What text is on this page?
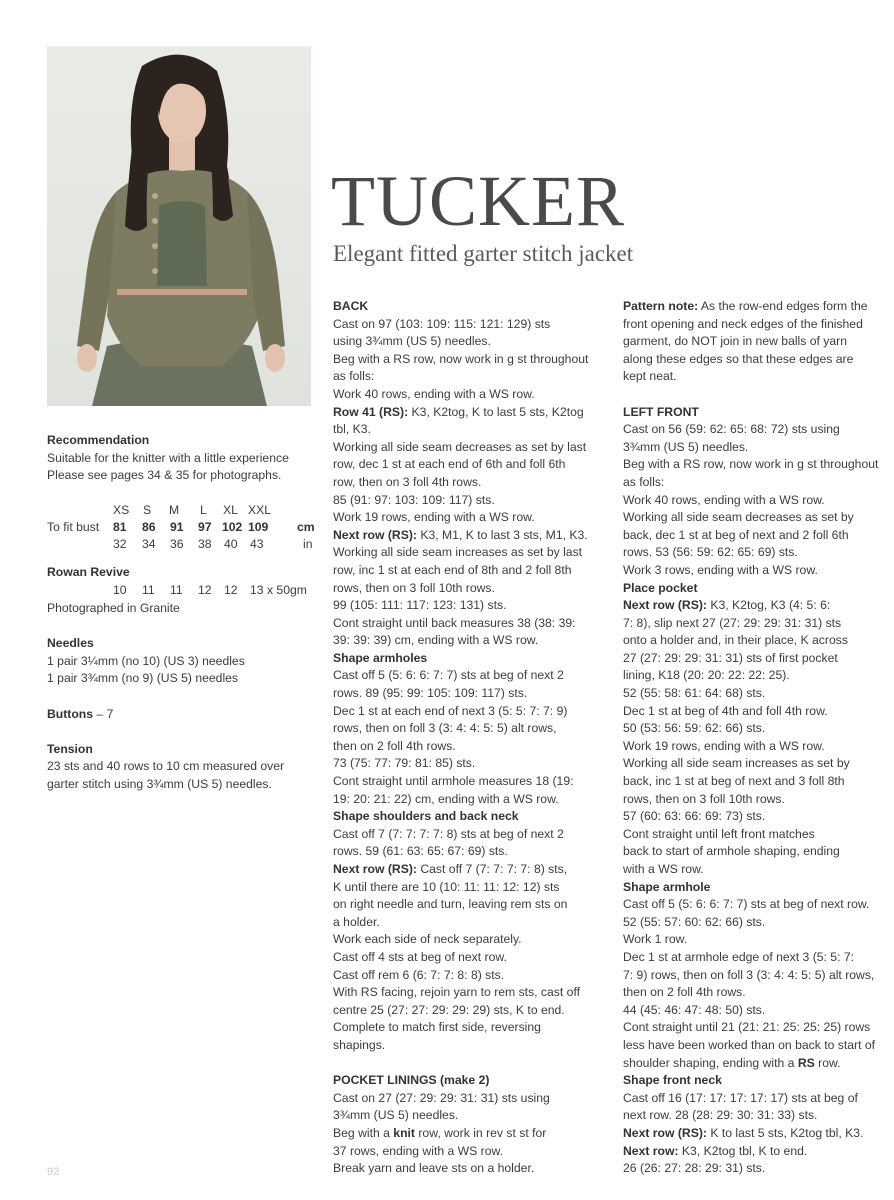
TUCKER

Elegant fitted garter stitch jacket

Recommendation

Suitable for the knitter with a little experience

Please see pages 34 & 35 for photographs.

XS S M L XL XXL
To fit bust 81 86 91 97 102 109 cm
32 34 36 38 40 43	in

Rowan Revive

10 11 11 12 12 13 x 50gm

Photographed in Granite

Needles

1 pair 3¼mm (no 10) (US 3) needles

1 pair 3¾mm (no 9) (US 5) needles

Buttons – 7

Tension

23 sts and 40 rows to 10 cm measured over

garter stitch using 3¾mm (US 5) needles.

BACK

Cast on 97 (103: 109: 115: 121: 129) sts

using 3¾mm (US 5) needles.

Beg with a RS row, now work in g st throughout

as folls:

Work 40 rows, ending with a WS row.

Row 41 (RS): K3, K2tog, K to last 5 sts, K2tog

tbl, K3.

Working all side seam decreases as set by last

row, dec 1 st at each end of 6th and foll 6th

row, then on 3 foll 4th rows.

85 (91: 97: 103: 109: 117) sts.

Work 19 rows, ending with a WS row.

Next row (RS): K3, M1, K to last 3 sts, M1, K3.

Working all side seam increases as set by last

row, inc 1 st at each end of 8th and 2 foll 8th

rows, then on 3 foll 10th rows.

99 (105: 111: 117: 123: 131) sts.

Cont straight until back measures 38 (38: 39:

39: 39: 39) cm, ending with a WS row.

Shape armholes

Cast off 5 (5: 6: 6: 7: 7) sts at beg of next 2

rows. 89 (95: 99: 105: 109: 117) sts.

Dec 1 st at each end of next 3 (5: 5: 7: 7: 9)

rows, then on foll 3 (3: 4: 4: 5: 5) alt rows,

then on 2 foll 4th rows.

73 (75: 77: 79: 81: 85) sts.

Cont straight until armhole measures 18 (19:

19: 20: 21: 22) cm, ending with a WS row.

Shape shoulders and back neck

Cast off 7 (7: 7: 7: 7: 8) sts at beg of next 2

rows. 59 (61: 63: 65: 67: 69) sts.

Next row (RS): Cast off 7 (7: 7: 7: 7: 8) sts,

K until there are 10 (10: 11: 11: 12: 12) sts

on right needle and turn, leaving rem sts on

a holder.

Work each side of neck separately.

Cast off 4 sts at beg of next row.

Cast off rem 6 (6: 7: 7: 8: 8) sts.

With RS facing, rejoin yarn to rem sts, cast off

centre 25 (27: 27: 29: 29: 29) sts, K to end.

Complete to match first side, reversing

shapings.

POCKET LININGS (make 2)

Cast on 27 (27: 29: 29: 31: 31) sts using

3¾mm (US 5) needles.

Beg with a knit row, work in rev st st for

37 rows, ending with a WS row.

Break yarn and leave sts on a holder.

Pattern note: As the row-end edges form the

front opening and neck edges of the finished

garment, do NOT join in new balls of yarn

along these edges so that these edges are

kept neat.

LEFT FRONT

Cast on 56 (59: 62: 65: 68: 72) sts using

3¾mm (US 5) needles.

Beg with a RS row, now work in g st throughout

as folls:

Work 40 rows, ending with a WS row.

Working all side seam decreases as set by

back, dec 1 st at beg of next and 2 foll 6th

rows. 53 (56: 59: 62: 65: 69) sts.

Work 3 rows, ending with a WS row.

Place pocket

Next row (RS): K3, K2tog, K3 (4: 5: 6:

7: 8), slip next 27 (27: 29: 29: 31: 31) sts

onto a holder and, in their place, K across

27 (27: 29: 29: 31: 31) sts of first pocket

lining, K18 (20: 20: 22: 22: 25).

52 (55: 58: 61: 64: 68) sts.

Dec 1 st at beg of 4th and foll 4th row.

50 (53: 56: 59: 62: 66) sts.

Work 19 rows, ending with a WS row.

Working all side seam increases as set by

back, inc 1 st at beg of next and 3 foll 8th

rows, then on 3 foll 10th rows.

57 (60: 63: 66: 69: 73) sts.

Cont straight until left front matches

back to start of armhole shaping, ending

with a WS row.

Shape armhole

Cast off 5 (5: 6: 6: 7: 7) sts at beg of next row.

52 (55: 57: 60: 62: 66) sts.

Work 1 row.

Dec 1 st at armhole edge of next 3 (5: 5: 7:

7: 9) rows, then on foll 3 (3: 4: 4: 5: 5) alt rows,

then on 2 foll 4th rows.

44 (45: 46: 47: 48: 50) sts.

Cont straight until 21 (21: 21: 25: 25: 25) rows

less have been worked than on back to start of

shoulder shaping, ending with a RS row.

Shape front neck

Cast off 16 (17: 17: 17: 17: 17) sts at beg of

next row. 28 (28: 29: 30: 31: 33) sts.

Next row (RS): K to last 5 sts, K2tog tbl, K3.

Next row: K3, K2tog tbl, K to end.

26 (26: 27: 28: 29: 31) sts.

92
